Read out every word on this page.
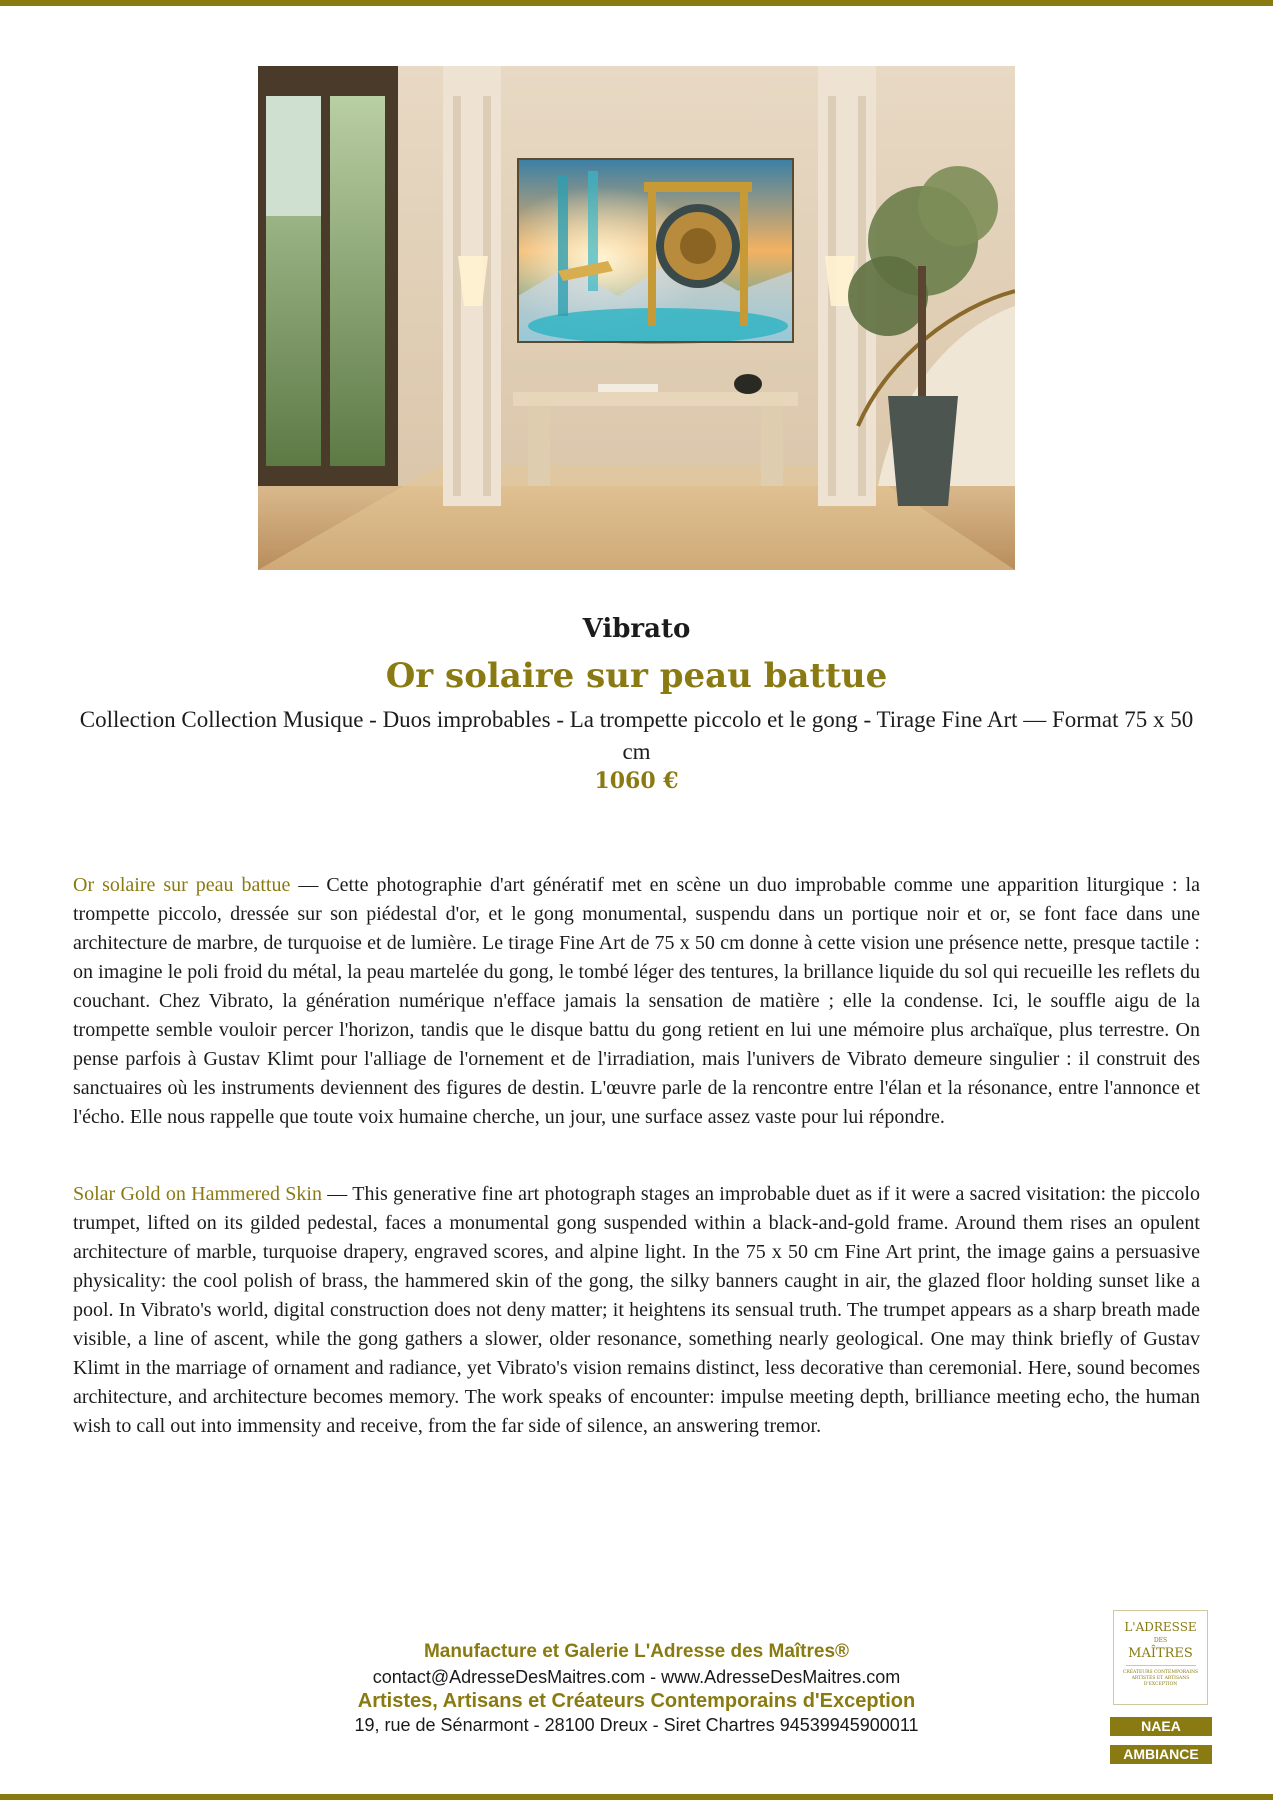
Vibrato
Or solaire sur peau battue
Collection Collection Musique - Duos improbables - La trompette piccolo et le gong - Tirage Fine Art — Format 75 x 50 cm
1060 €

Or solaire sur peau battue — Cette photographie d'art génératif met en scène un duo improbable comme une apparition liturgique : la trompette piccolo, dressée sur son piédestal d'or, et le gong monumental, suspendu dans un portique noir et or, se font face dans une architecture de marbre, de turquoise et de lumière. Le tirage Fine Art de 75 x 50 cm donne à cette vision une présence nette, presque tactile : on imagine le poli froid du métal, la peau martelée du gong, le tombé léger des tentures, la brillance liquide du sol qui recueille les reflets du couchant. Chez Vibrato, la génération numérique n'efface jamais la sensation de matière ; elle la condense. Ici, le souffle aigu de la trompette semble vouloir percer l'horizon, tandis que le disque battu du gong retient en lui une mémoire plus archaïque, plus terrestre. On pense parfois à Gustav Klimt pour l'alliage de l'ornement et de l'irradiation, mais l'univers de Vibrato demeure singulier : il construit des sanctuaires où les instruments deviennent des figures de destin. L'œuvre parle de la rencontre entre l'élan et la résonance, entre l'annonce et l'écho. Elle nous rappelle que toute voix humaine cherche, un jour, une surface assez vaste pour lui répondre.

Solar Gold on Hammered Skin — This generative fine art photograph stages an improbable duet as if it were a sacred visitation: the piccolo trumpet, lifted on its gilded pedestal, faces a monumental gong suspended within a black-and-gold frame. Around them rises an opulent architecture of marble, turquoise drapery, engraved scores, and alpine light. In the 75 x 50 cm Fine Art print, the image gains a persuasive physicality: the cool polish of brass, the hammered skin of the gong, the silky banners caught in air, the glazed floor holding sunset like a pool. In Vibrato's world, digital construction does not deny matter; it heightens its sensual truth. The trumpet appears as a sharp breath made visible, a line of ascent, while the gong gathers a slower, older resonance, something nearly geological. One may think briefly of Gustav Klimt in the marriage of ornament and radiance, yet Vibrato's vision remains distinct, less decorative than ceremonial. Here, sound becomes architecture, and architecture becomes memory. The work speaks of encounter: impulse meeting depth, brilliance meeting echo, the human wish to call out into immensity and receive, from the far side of silence, an answering tremor.

Manufacture et Galerie L'Adresse des Maîtres®
contact@AdresseDesMaitres.com - www.AdresseDesMaitres.com
Artistes, Artisans et Créateurs Contemporains d'Exception
19, rue de Sénarmont - 28100 Dreux - Siret Chartres 94539945900011
L'ADRESSE
DES
MAÎTRES
CRÉATEURS CONTEMPORAINS ARTISTES ET ARTISANS D'EXCEPTION
NAEA
AMBIANCE
